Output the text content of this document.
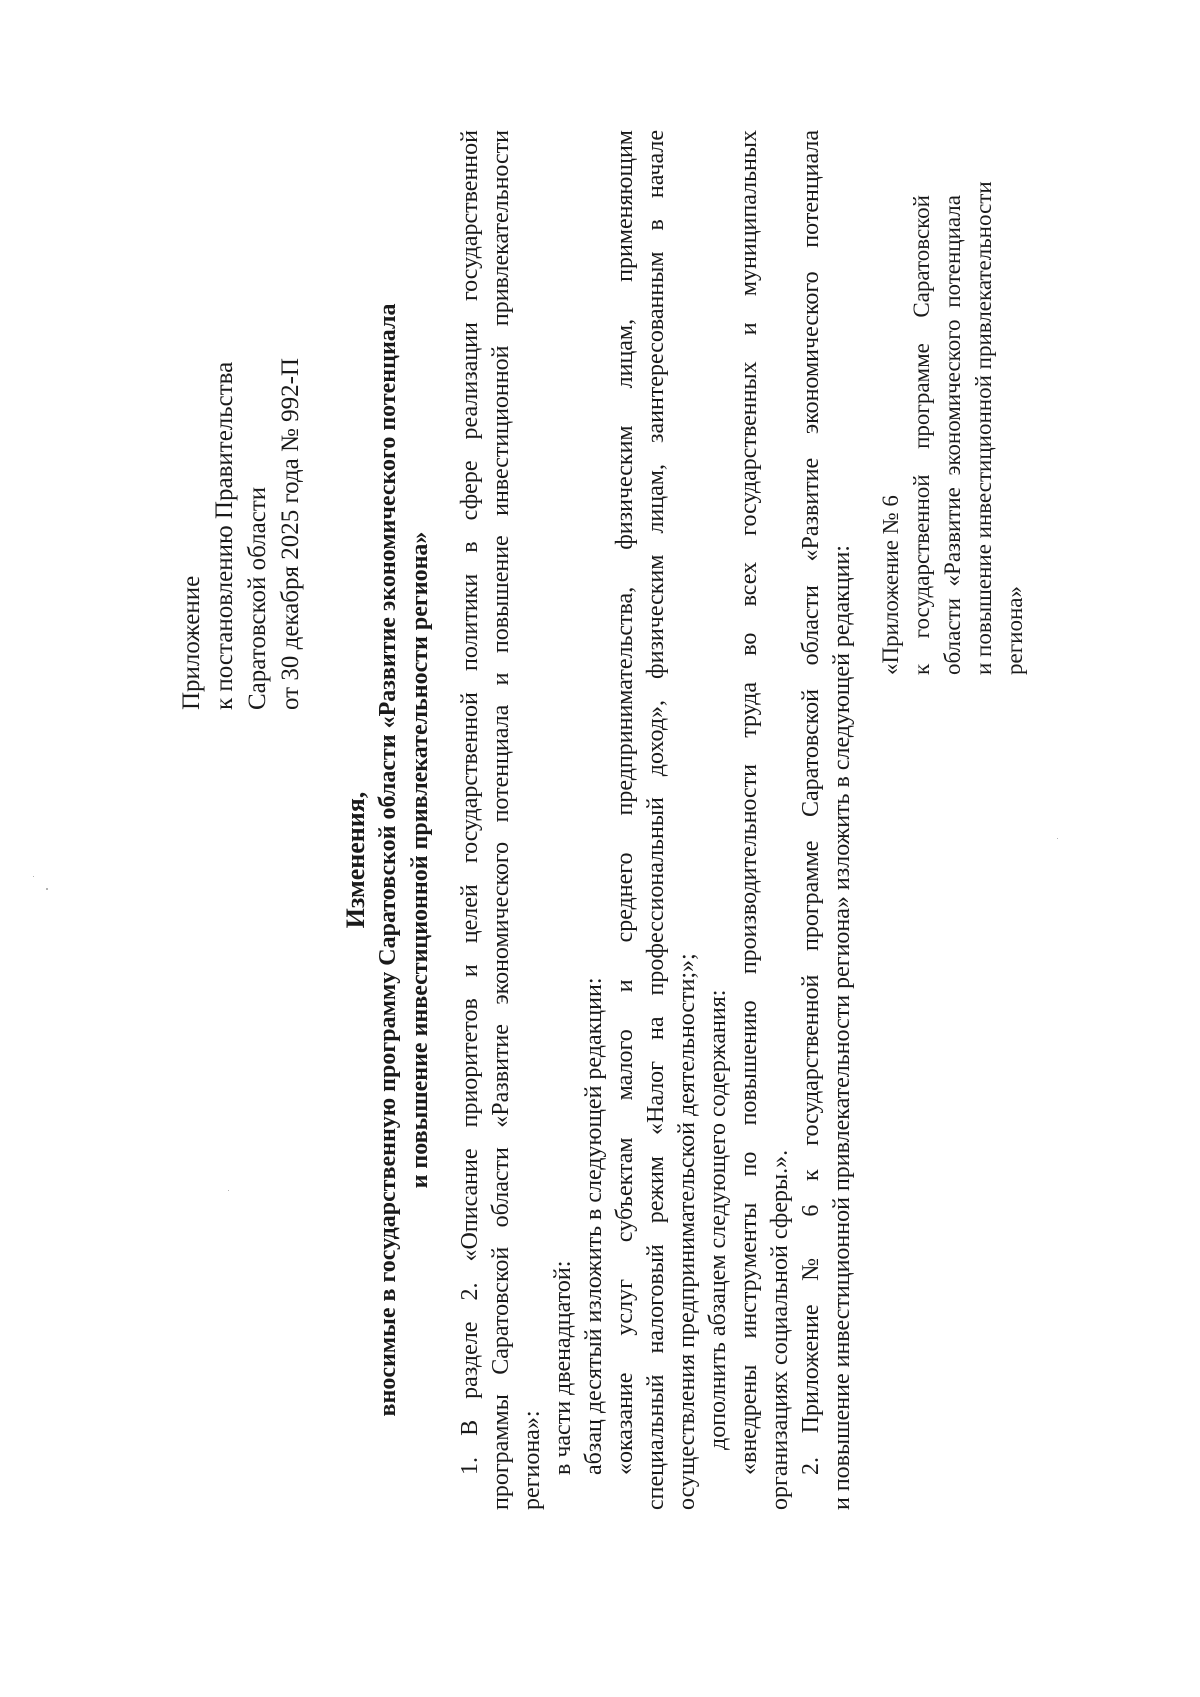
Приложение к постановлению Правительства Саратовской области от 30 декабря 2025 года № 992-П
Изменения, вносимые в государственную программу Саратовской области «Развитие экономического потенциала и повышение инвестиционной привлекательности региона» 1. В разделе 2. «Описание приоритетов и целей государственной политики в сфере реализации государственной программы Саратовской области «Развитие экономического потенциала и повышение инвестиционной привлекательности региона»: в части двенадцатой: абзац десятый изложить в следующей редакции: «оказание услуг субъектам малого и среднего предпринимательства, физическим лицам, применяющим специальный налоговый режим «Налог на профессиональный доход», физическим лицам, заинтересованным в начале осуществления предпринимательской деятельности;»; дополнить абзацем следующего содержания: «внедрены инструменты по повышению производительности труда во всех государственных и муниципальных организациях социальной сферы.». 2. Приложение № 6 к государственной программе Саратовской области «Развитие экономического потенциала и повышение инвестиционной привлекательности региона» изложить в следующей редакции: «Приложение № 6 к государственной программе Саратовской области «Развитие экономического потенциала и повышение инвестиционной привлекательности региона»
